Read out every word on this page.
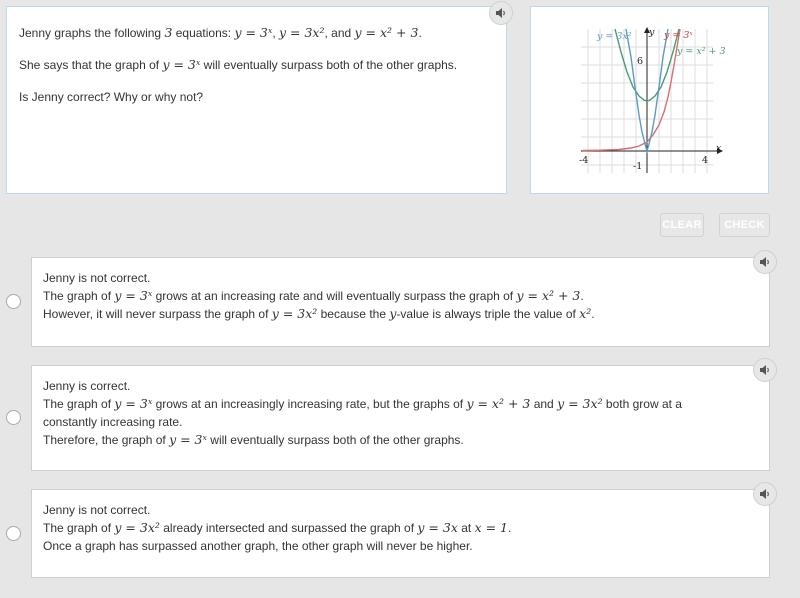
Jenny graphs the following 3 equations: y = 3ˣ, y = 3x², and y = x² + 3.

She says that the graph of y = 3ˣ will eventually surpass both of the other graphs.

Is Jenny correct? Why or why not?

y = 3x²	y = 3ˣ
y = x² + 3
y
x
6
-4	4
-1
CLEAR	CHECK
Jenny is not correct.
The graph of y = 3ˣ grows at an increasing rate and will eventually surpass the graph of y = x² + 3.
However, it will never surpass the graph of y = 3x² because the y-value is always triple the value of x².
Jenny is correct.
The graph of y = 3ˣ grows at an increasingly increasing rate, but the graphs of y = x² + 3 and y = 3x² both grow at a
constantly increasing rate.
Therefore, the graph of y = 3ˣ will eventually surpass both of the other graphs.
Jenny is not correct.
The graph of y = 3x² already intersected and surpassed the graph of y = 3x at x = 1.
Once a graph has surpassed another graph, the other graph will never be higher.
